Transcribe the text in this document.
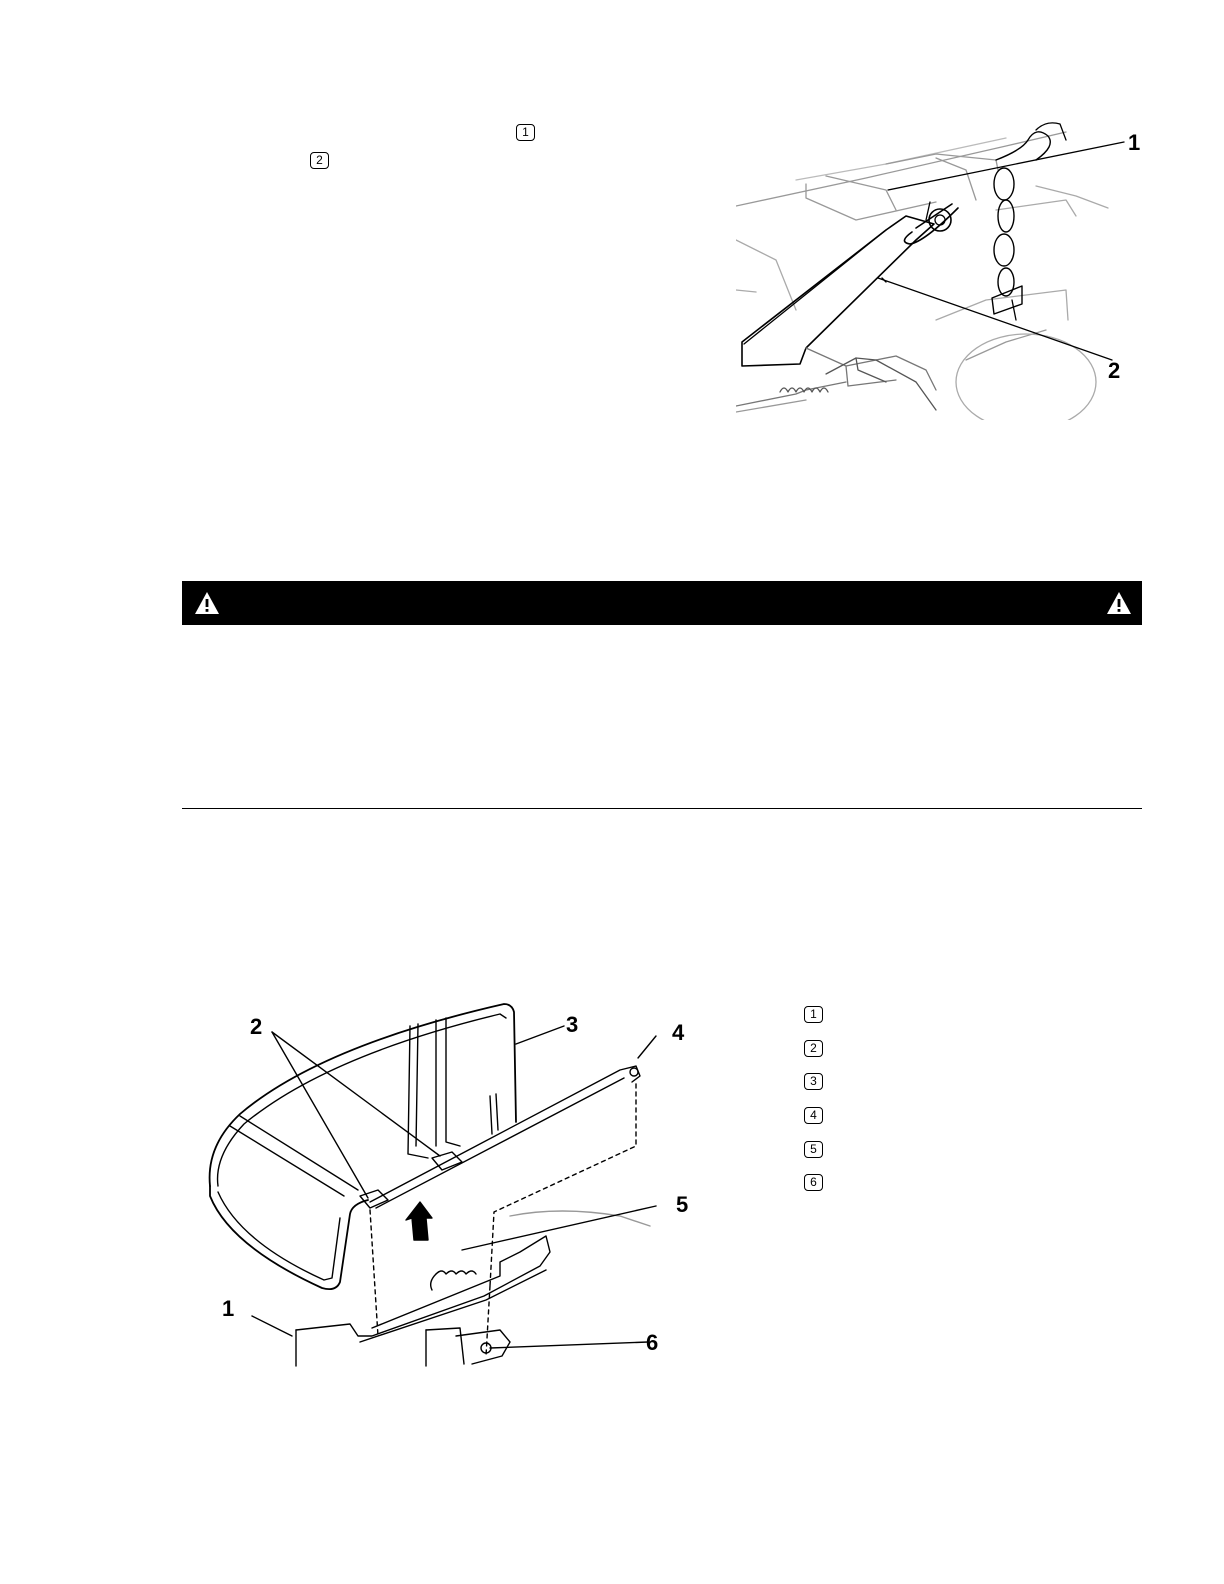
1
2
1
2
2	3	4
5
1
6
1
2
3
4
5
6
